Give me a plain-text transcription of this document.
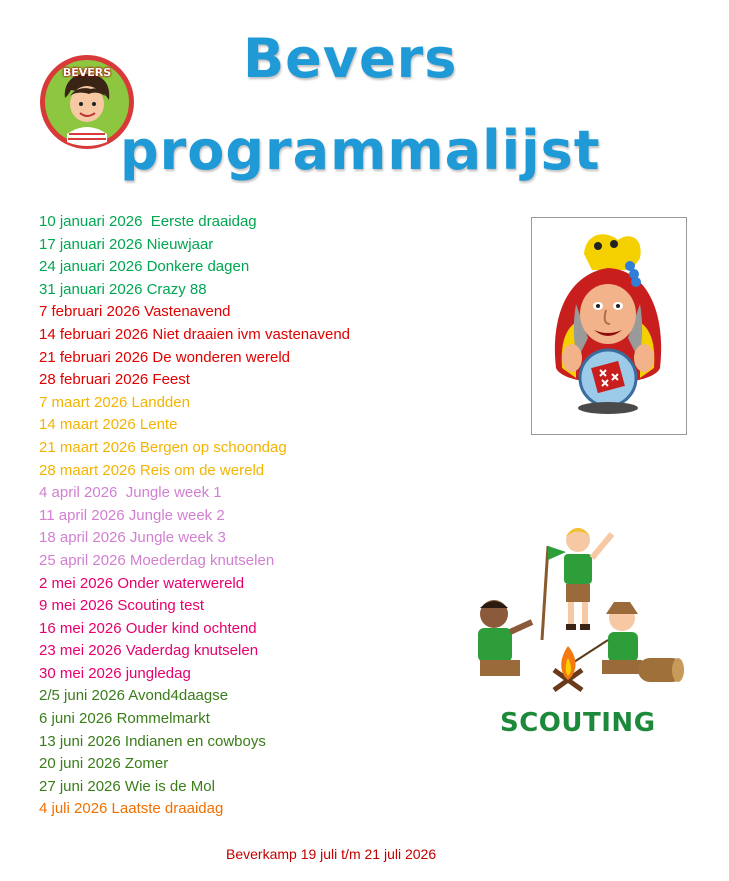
BEVERS	Bevers
programmalijst
10 januari 2026  Eerste draaidag
17 januari 2026 Nieuwjaar
24 januari 2026 Donkere dagen
31 januari 2026 Crazy 88
7 februari 2026 Vastenavend
14 februari 2026 Niet draaien ivm vastenavend
21 februari 2026 De wonderen wereld
28 februari 2026 Feest
7 maart 2026 Landden
14 maart 2026 Lente
21 maart 2026 Bergen op schoondag
28 maart 2026 Reis om de wereld
4 april 2026  Jungle week 1
11 april 2026 Jungle week 2
18 april 2026 Jungle week 3
25 april 2026 Moederdag knutselen
2 mei 2026 Onder waterwereld
9 mei 2026 Scouting test
16 mei 2026 Ouder kind ochtend
23 mei 2026 Vaderdag knutselen
30 mei 2026 jungledag
2/5 juni 2026 Avond4daagse
6 juni 2026 Rommelmarkt
13 juni 2026 Indianen en cowboys
20 juni 2026 Zomer
27 juni 2026 Wie is de Mol
4 juli 2026 Laatste draaidag
SCOUTING
Beverkamp 19 juli t/m 21 juli 2026
